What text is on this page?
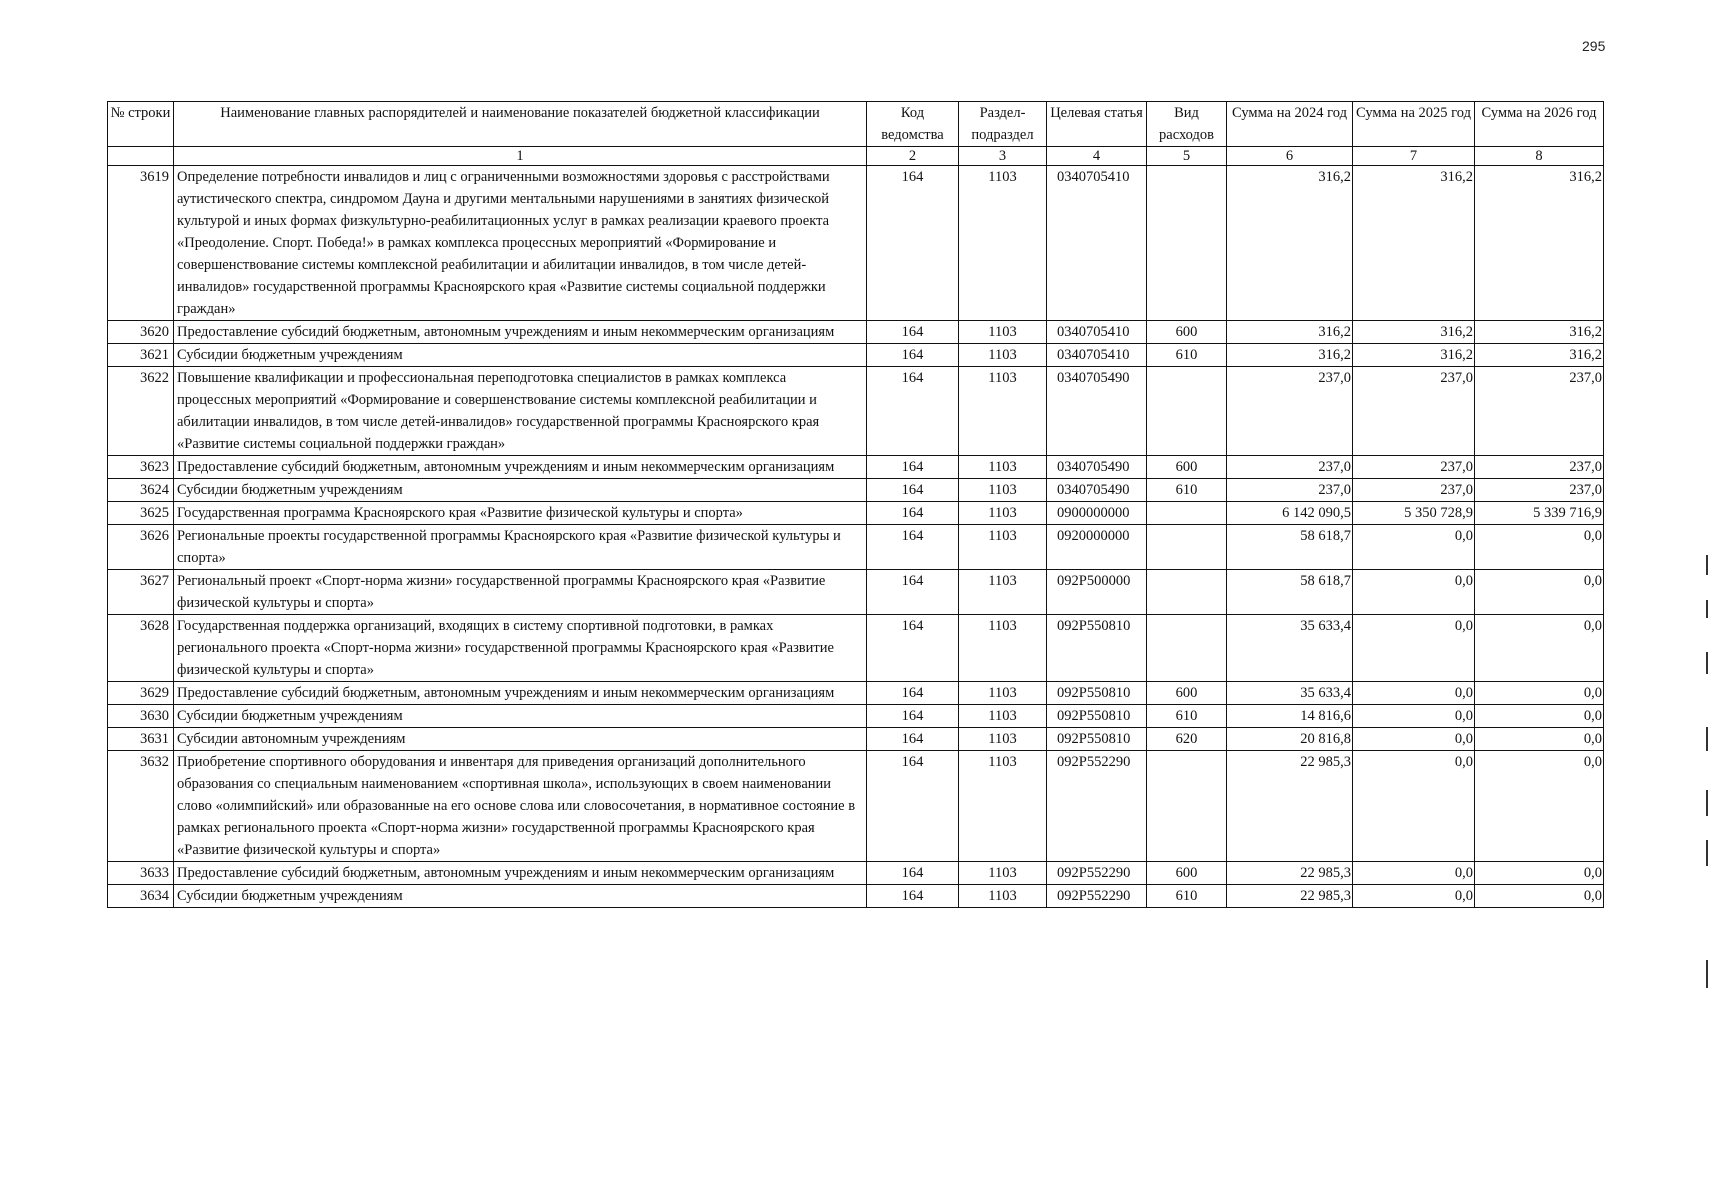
295
№ строки	Наименование главных распорядителей и наименование показателей бюджетной классификации	Код ведомства	Раздел-подраздел	Целевая статья	Вид расходов	Сумма на 2024 год	Сумма на 2025 год	Сумма на 2026 год
	1	2	3	4	5	6	7	8
3619	Определение потребности инвалидов и лиц с ограниченными возможностями здоровья с расстройствами аутистического спектра, синдромом Дауна и другими ментальными нарушениями в занятиях физической культурой и иных формах физкультурно-реабилитационных услуг в рамках реализации краевого проекта «Преодоление. Спорт. Победа!» в рамках комплекса процессных мероприятий «Формирование и совершенствование системы комплексной реабилитации и абилитации инвалидов, в том числе детей-инвалидов» государственной программы Красноярского края «Развитие системы социальной поддержки граждан»	164	1103	0340705410		316,2	316,2	316,2
3620	Предоставление субсидий бюджетным, автономным учреждениям и иным некоммерческим организациям	164	1103	0340705410	600	316,2	316,2	316,2
3621	Субсидии бюджетным учреждениям	164	1103	0340705410	610	316,2	316,2	316,2
3622	Повышение квалификации и профессиональная переподготовка специалистов в рамках комплекса процессных мероприятий «Формирование и совершенствование системы комплексной реабилитации и абилитации инвалидов, в том числе детей-инвалидов» государственной программы Красноярского края «Развитие системы социальной поддержки граждан»	164	1103	0340705490		237,0	237,0	237,0
3623	Предоставление субсидий бюджетным, автономным учреждениям и иным некоммерческим организациям	164	1103	0340705490	600	237,0	237,0	237,0
3624	Субсидии бюджетным учреждениям	164	1103	0340705490	610	237,0	237,0	237,0
3625	Государственная программа Красноярского края «Развитие физической культуры и спорта»	164	1103	0900000000		6 142 090,5	5 350 728,9	5 339 716,9
3626	Региональные проекты государственной программы Красноярского края «Развитие физической культуры и спорта»	164	1103	0920000000		58 618,7	0,0	0,0
3627	Региональный проект «Спорт-норма жизни» государственной программы Красноярского края «Развитие физической культуры и спорта»	164	1103	092P500000		58 618,7	0,0	0,0
3628	Государственная поддержка организаций, входящих в систему спортивной подготовки, в рамках регионального проекта «Спорт-норма жизни» государственной программы Красноярского края «Развитие физической культуры и спорта»	164	1103	092P550810		35 633,4	0,0	0,0
3629	Предоставление субсидий бюджетным, автономным учреждениям и иным некоммерческим организациям	164	1103	092P550810	600	35 633,4	0,0	0,0
3630	Субсидии бюджетным учреждениям	164	1103	092P550810	610	14 816,6	0,0	0,0
3631	Субсидии автономным учреждениям	164	1103	092P550810	620	20 816,8	0,0	0,0
3632	Приобретение спортивного оборудования и инвентаря для приведения организаций дополнительного образования со специальным наименованием «спортивная школа», использующих в своем наименовании слово «олимпийский» или образованные на его основе слова или словосочетания, в нормативное состояние в рамках регионального проекта «Спорт-норма жизни» государственной программы Красноярского края «Развитие физической культуры и спорта»	164	1103	092P552290		22 985,3	0,0	0,0
3633	Предоставление субсидий бюджетным, автономным учреждениям и иным некоммерческим организациям	164	1103	092P552290	600	22 985,3	0,0	0,0
3634	Субсидии бюджетным учреждениям	164	1103	092P552290	610	22 985,3	0,0	0,0
